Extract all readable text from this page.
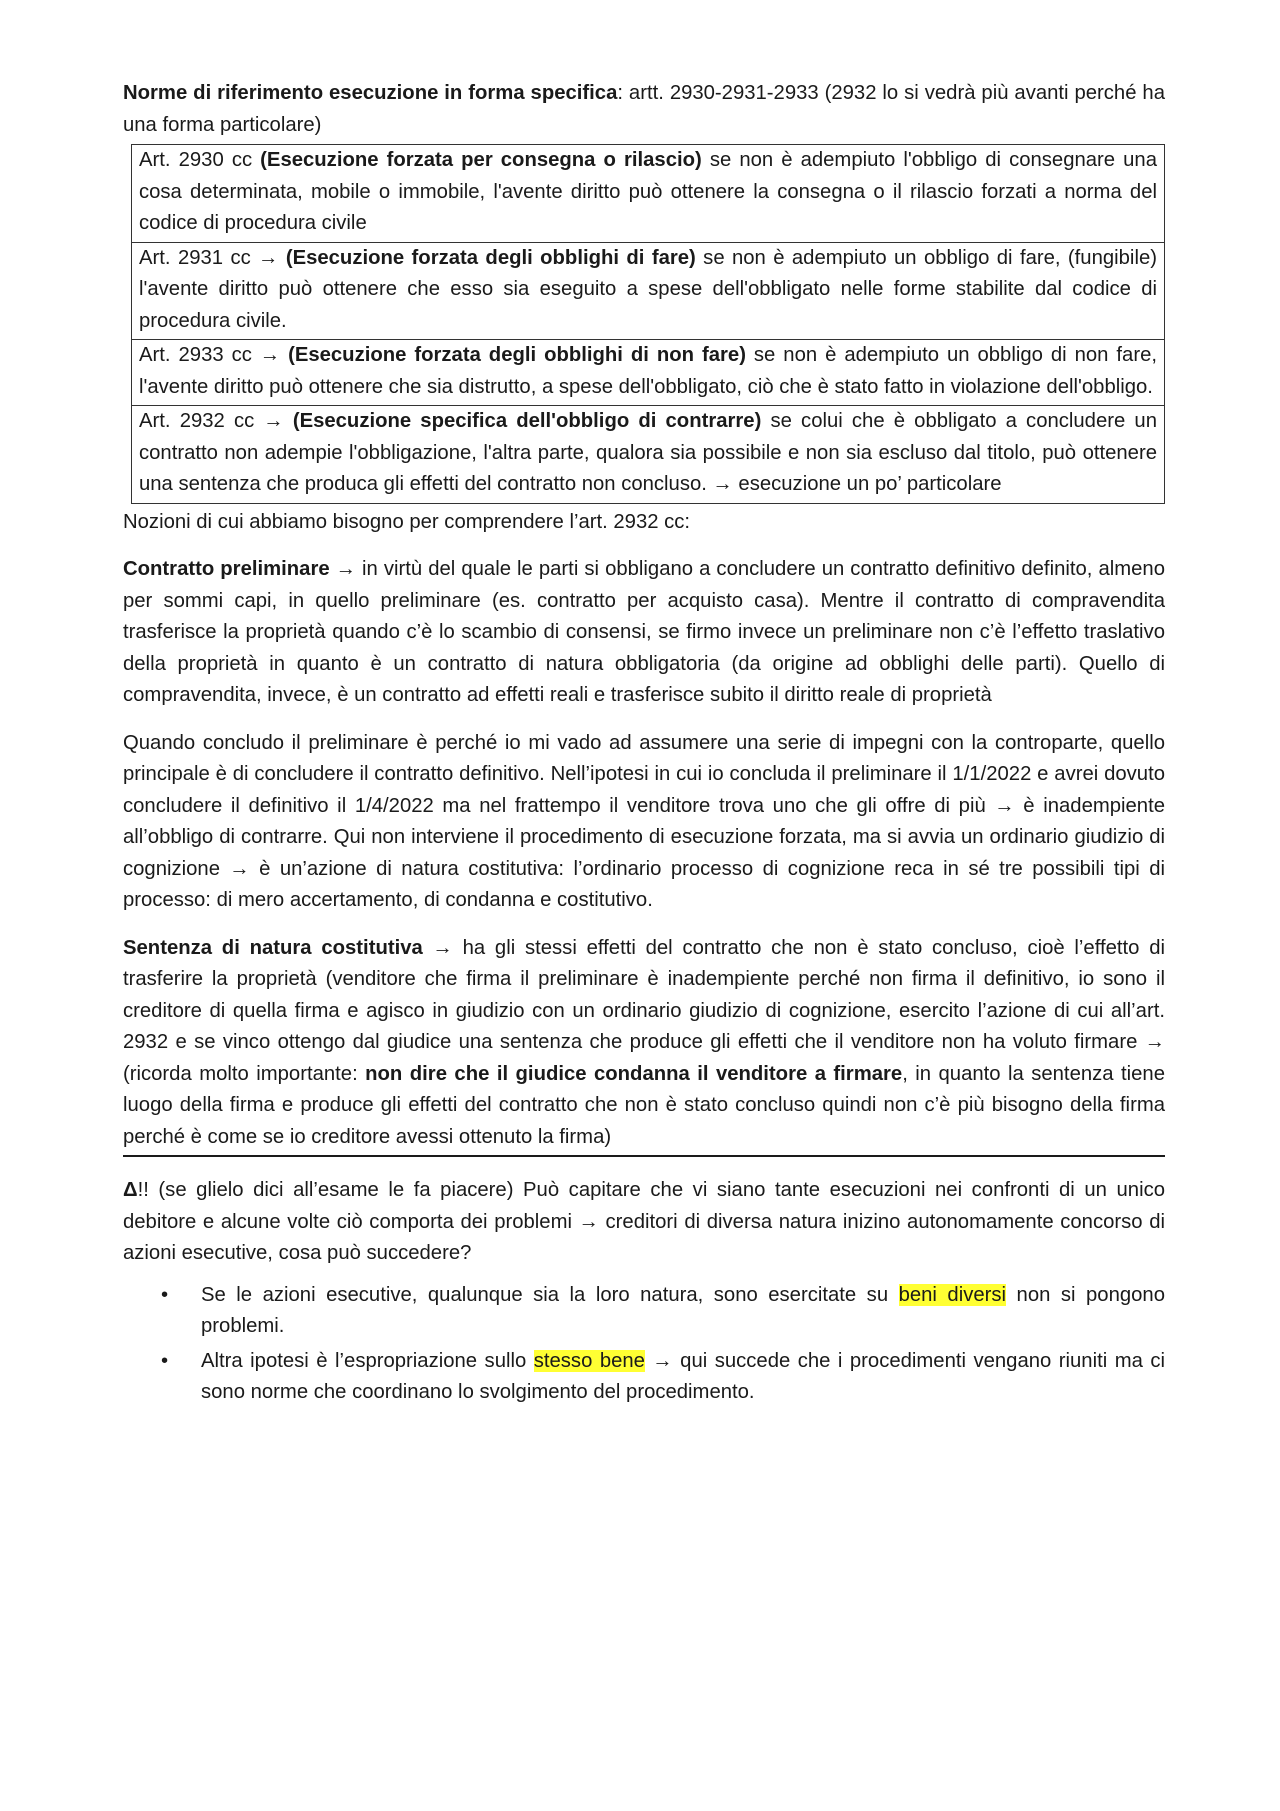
Norme di riferimento esecuzione in forma specifica: artt. 2930-2931-2933 (2932 lo si vedrà più avanti perché ha una forma particolare)

Art. 2930 cc (Esecuzione forzata per consegna o rilascio) se non è adempiuto l'obbligo di consegnare una cosa determinata, mobile o immobile, l'avente diritto può ottenere la consegna o il rilascio forzati a norma del codice di procedura civile
Art. 2931 cc → (Esecuzione forzata degli obblighi di fare) se non è adempiuto un obbligo di fare, (fungibile) l'avente diritto può ottenere che esso sia eseguito a spese dell'obbligato nelle forme stabilite dal codice di procedura civile.
Art. 2933 cc → (Esecuzione forzata degli obblighi di non fare) se non è adempiuto un obbligo di non fare, l'avente diritto può ottenere che sia distrutto, a spese dell'obbligato, ciò che è stato fatto in violazione dell'obbligo.
Art. 2932 cc → (Esecuzione specifica dell'obbligo di contrarre) se colui che è obbligato a concludere un contratto non adempie l'obbligazione, l'altra parte, qualora sia possibile e non sia escluso dal titolo, può ottenere una sentenza che produca gli effetti del contratto non concluso. → esecuzione un po’ particolare

Nozioni di cui abbiamo bisogno per comprendere l’art. 2932 cc:

Contratto preliminare → in virtù del quale le parti si obbligano a concludere un contratto definitivo definito, almeno per sommi capi, in quello preliminare (es. contratto per acquisto casa). Mentre il contratto di compravendita trasferisce la proprietà quando c’è lo scambio di consensi, se firmo invece un preliminare non c’è l’effetto traslativo della proprietà in quanto è un contratto di natura obbligatoria (da origine ad obblighi delle parti). Quello di compravendita, invece, è un contratto ad effetti reali e trasferisce subito il diritto reale di proprietà

Quando concludo il preliminare è perché io mi vado ad assumere una serie di impegni con la controparte, quello principale è di concludere il contratto definitivo. Nell’ipotesi in cui io concluda il preliminare il 1/1/2022 e avrei dovuto concludere il definitivo il 1/4/2022 ma nel frattempo il venditore trova uno che gli offre di più → è inadempiente all’obbligo di contrarre. Qui non interviene il procedimento di esecuzione forzata, ma si avvia un ordinario giudizio di cognizione → è un’azione di natura costitutiva: l’ordinario processo di cognizione reca in sé tre possibili tipi di processo: di mero accertamento, di condanna e costitutivo.

Sentenza di natura costitutiva → ha gli stessi effetti del contratto che non è stato concluso, cioè l’effetto di trasferire la proprietà (venditore che firma il preliminare è inadempiente perché non firma il definitivo, io sono il creditore di quella firma e agisco in giudizio con un ordinario giudizio di cognizione, esercito l’azione di cui all’art. 2932 e se vinco ottengo dal giudice una sentenza che produce gli effetti che il venditore non ha voluto firmare → (ricorda molto importante: non dire che il giudice condanna il venditore a firmare, in quanto la sentenza tiene luogo della firma e produce gli effetti del contratto che non è stato concluso quindi non c’è più bisogno della firma perché è come se io creditore avessi ottenuto la firma)

Δ!! (se glielo dici all’esame le fa piacere) Può capitare che vi siano tante esecuzioni nei confronti di un unico debitore e alcune volte ciò comporta dei problemi → creditori di diversa natura inizino autonomamente concorso di azioni esecutive, cosa può succedere?

• Se le azioni esecutive, qualunque sia la loro natura, sono esercitate su beni diversi non si pongono problemi.
• Altra ipotesi è l’espropriazione sullo stesso bene → qui succede che i procedimenti vengano riuniti ma ci sono norme che coordinano lo svolgimento del procedimento.
